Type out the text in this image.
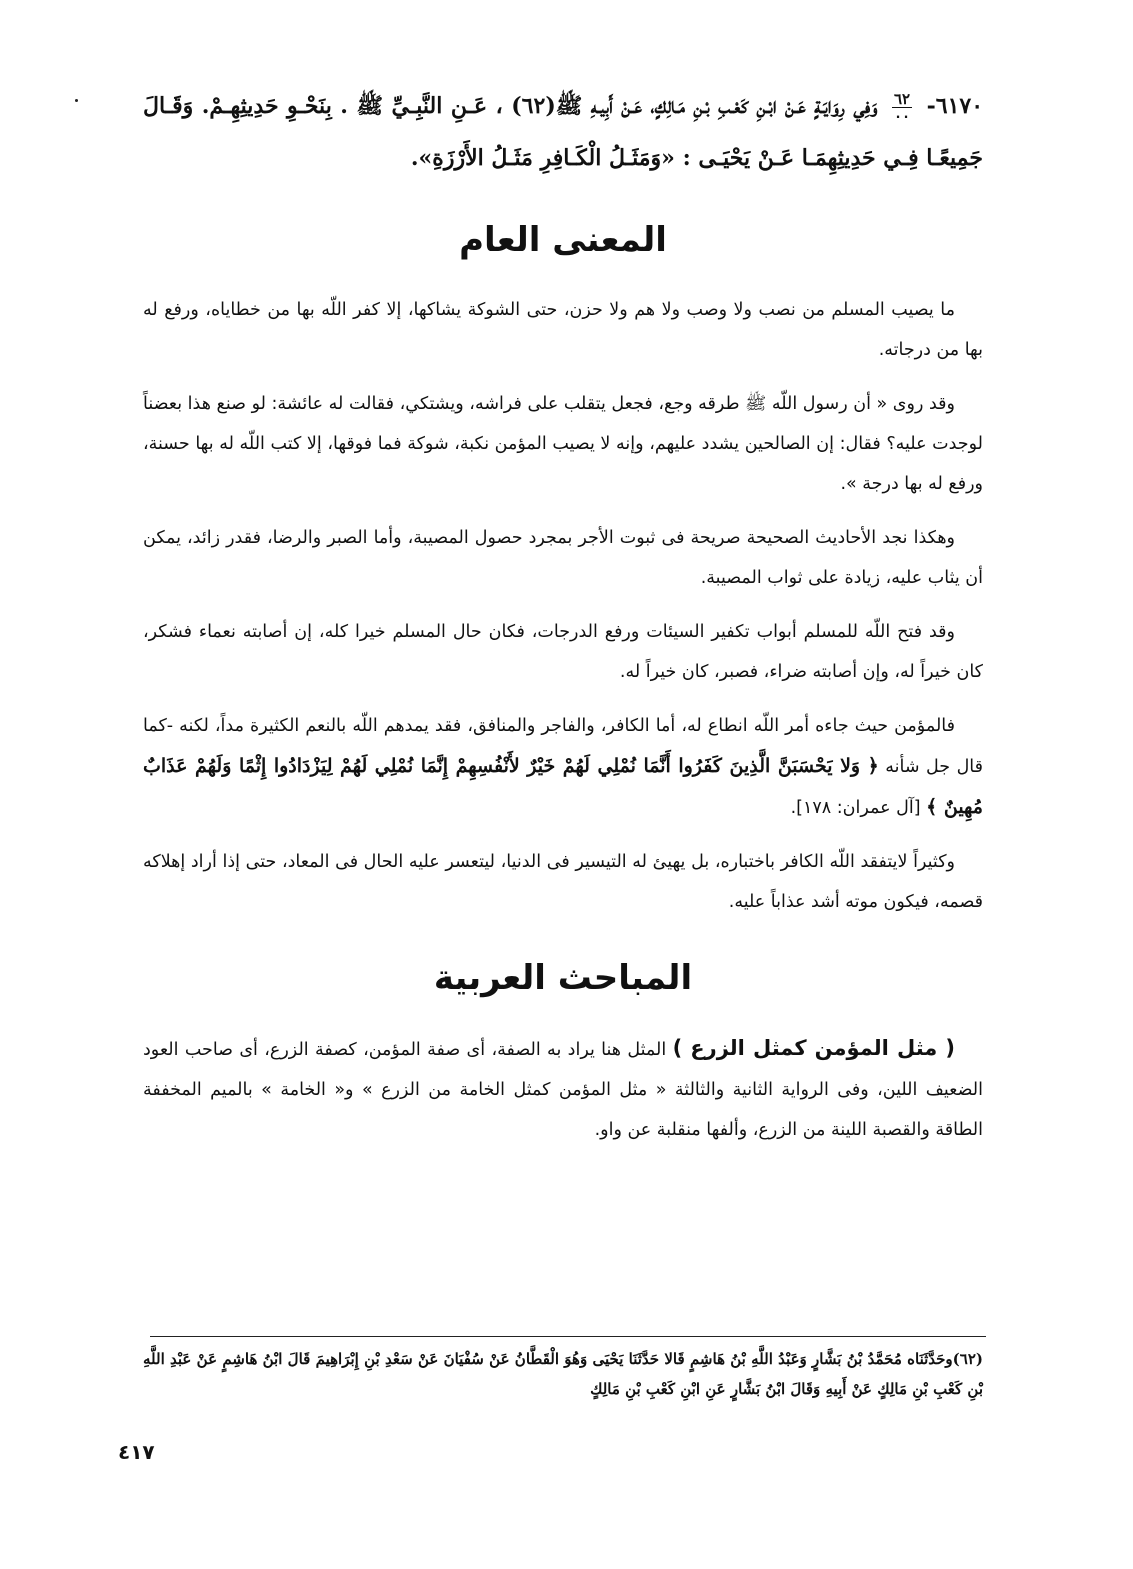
٦١٧٠-
$\frac{٦٢}{٠٠}$
وَفِي رِوَايَـةٍ عَـنْ ابْـنِ كَعْـبِ بْـنِ مَـالِكٍ، عَـنْ أَبِيـهِ ﷺ(٦٢) ، عَـنِ النَّبِـيِّ ﷺ . بِنَحْـوِ حَدِيثِهِـمْ. وَقَـالَ جَمِيعًـا فِـي حَدِيثِهِمَـا عَـنْ يَحْيَـى : «وَمَثَـلُ الْكَـافِرِ مَثَـلُ الأَرْزَةِ».

المعنى العام

ما يصيب المسلم من نصب ولا وصب ولا هم ولا حزن، حتى الشوكة يشاكها، إلا كفر اللّه بها من خطاياه، ورفع له بها من درجاته.

وقد روى « أن رسول اللّه ﷺ طرقه وجع، فجعل يتقلب على فراشه، ويشتكي، فقالت له عائشة: لو صنع هذا بعضناً لوجدت عليه؟ فقال: إن الصالحين يشدد عليهم، وإنه لا يصيب المؤمن نكبة، شوكة فما فوقها، إلا كتب اللّه له بها حسنة، ورفع له بها درجة ».

وهكذا نجد الأحاديث الصحيحة صريحة فى ثبوت الأجر بمجرد حصول المصيبة، وأما الصبر والرضا، فقدر زائد، يمكن أن يثاب عليه، زيادة على ثواب المصيبة.

وقد فتح اللّه للمسلم أبواب تكفير السيئات ورفع الدرجات، فكان حال المسلم خيرا كله، إن أصابته نعماء فشكر، كان خيراً له، وإن أصابته ضراء، فصبر، كان خيراً له.

فالمؤمن حيث جاءه أمر اللّه انطاع له، أما الكافر، والفاجر والمنافق، فقد يمدهم اللّه بالنعم الكثيرة مداً، لكنه -كما قال جل شأنه ﴿ وَلا يَحْسَبَنَّ الَّذِينَ كَفَرُوا أَنَّمَا نُمْلِي لَهُمْ خَيْرٌ لأَنْفُسِهِمْ إِنَّمَا نُمْلِي لَهُمْ لِيَزْدَادُوا إِثْمًا وَلَهُمْ عَذَابٌ مُهِينٌ ﴾ [آل عمران: ١٧٨].

وكثيراً لايتفقد اللّه الكافر باختباره، بل يهيئ له التيسير فى الدنيا، ليتعسر عليه الحال فى المعاد، حتى إذا أراد إهلاكه قصمه، فيكون موته أشد عذاباً عليه.

المباحث العربية

( مثل المؤمن كمثل الزرع ) المثل هنا يراد به الصفة، أى صفة المؤمن، كصفة الزرع، أى صاحب العود الضعيف اللين، وفى الرواية الثانية والثالثة « مثل المؤمن كمثل الخامة من الزرع » و« الخامة » بالميم المخففة الطاقة والقصبة اللينة من الزرع، وألفها منقلبة عن واو.

(٦٢)وحَدَّثَنَاه مُحَمَّدُ بْنُ بَشَّارٍ وَعَبْدُ اللَّهِ بْنُ هَاشِمٍ قَالا حَدَّثَنَا يَحْيَى وَهُوَ الْقَطَّانُ عَنْ سُفْيَانَ عَنْ سَعْدِ بْنِ إِبْرَاهِيمَ قَالَ ابْنُ هَاشِمٍ عَنْ عَبْدِ اللَّهِ بْنِ كَعْبِ بْنِ مَالِكٍ عَنْ أَبِيهِ وَقَالَ ابْنُ بَشَّارٍ عَنِ ابْنِ كَعْبِ بْنِ مَالِكٍ
٤١٧
